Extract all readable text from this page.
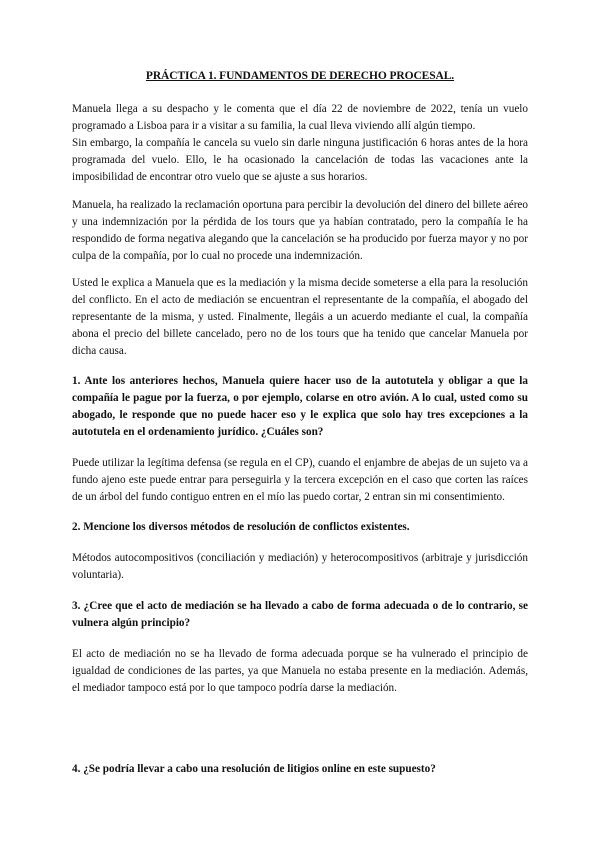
PRÁCTICA 1. FUNDAMENTOS DE DERECHO PROCESAL.

Manuela llega a su despacho y le comenta que el día 22 de noviembre de 2022, tenía un vuelo programado a Lisboa para ir a visitar a su familia, la cual lleva viviendo allí algún tiempo.

Sin embargo, la compañía le cancela su vuelo sin darle ninguna justificación 6 horas antes de la hora programada del vuelo. Ello, le ha ocasionado la cancelación de todas las vacaciones ante la imposibilidad de encontrar otro vuelo que se ajuste a sus horarios.

Manuela, ha realizado la reclamación oportuna para percibir la devolución del dinero del billete aéreo y una indemnización por la pérdida de los tours que ya habían contratado, pero la compañía le ha respondido de forma negativa alegando que la cancelación se ha producido por fuerza mayor y no por culpa de la compañía, por lo cual no procede una indemnización.
Usted le explica a Manuela que es la mediación y la misma decide someterse a ella para la resolución del conflicto. En el acto de mediación se encuentran el representante de la compañía, el abogado del representante de la misma, y usted. Finalmente, llegáis a un acuerdo mediante el cual, la compañía abona el precio del billete cancelado, pero no de los tours que ha tenido que cancelar Manuela por dicha causa.
1. Ante los anteriores hechos, Manuela quiere hacer uso de la autotutela y obligar a que la compañía le pague por la fuerza, o por ejemplo, colarse en otro avión. A lo cual, usted como su abogado, le responde que no puede hacer eso y le explica que solo hay tres excepciones a la autotutela en el ordenamiento jurídico. ¿Cuáles son?
Puede utilizar la legítima defensa (se regula en el CP), cuando el enjambre de abejas de un sujeto va a fundo ajeno este puede entrar para perseguirla y la tercera excepción en el caso que corten las raíces de un árbol del fundo contiguo entren en el mío las puedo cortar, 2 entran sin mi consentimiento.
2. Mencione los diversos métodos de resolución de conflictos existentes.
Métodos autocompositivos (conciliación y mediación) y heterocompositivos (arbitraje y jurisdicción voluntaria).
3. ¿Cree que el acto de mediación se ha llevado a cabo de forma adecuada o de lo contrario, se vulnera algún principio?
El acto de mediación no se ha llevado de forma adecuada porque se ha vulnerado el principio de igualdad de condiciones de las partes, ya que Manuela no estaba presente en la mediación. Además, el mediador tampoco está por lo que tampoco podría darse la mediación.
4. ¿Se podría llevar a cabo una resolución de litigios online en este supuesto?
